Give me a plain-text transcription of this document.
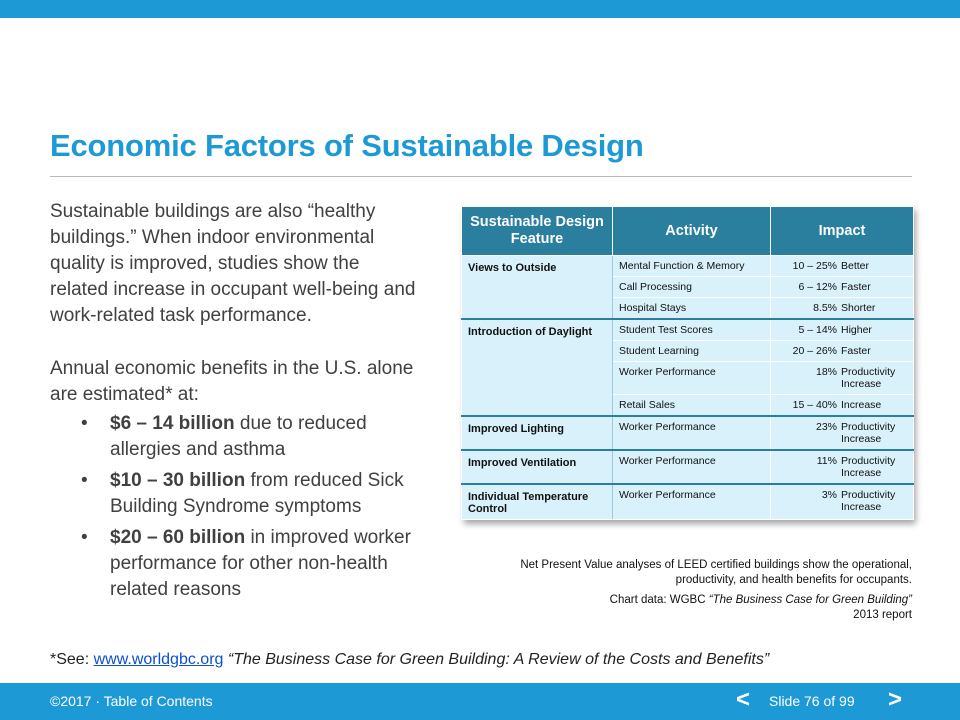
Economic Factors of Sustainable Design

Sustainable buildings are also “healthy buildings.” When indoor environmental quality is improved, studies show the related increase in occupant well-being and work-related task performance.

Annual economic benefits in the U.S. alone are estimated* at:

• $6 – 14 billion due to reduced allergies and asthma
• $10 – 30 billion from reduced Sick Building Syndrome symptoms
• $20 – 60 billion in improved worker performance for other non-health related reasons
Sustainable Design Feature	Activity	Impact
Views to Outside	Mental Function & Memory	10 – 25% Better

	Call Processing	6 – 12% Faster

	Hospital Stays	8.5% Shorter

Introduction of Daylight	Student Test Scores	5 – 14% Higher

	Student Learning	20 – 26% Faster

	Worker Performance	18% Productivity Increase

	Retail Sales	15 – 40% Increase

Improved Lighting	Worker Performance	23% Productivity Increase

Improved Ventilation	Worker Performance	11% Productivity Increase

Individual Temperature Control	Worker Performance	3% Productivity Increase

Net Present Value analyses of LEED certified buildings show the operational, productivity, and health benefits for occupants.

Chart data: WGBC “The Business Case for Green Building”
2013 report

*See: www.worldgbc.org “The Business Case for Green Building: A Review of the Costs and Benefits”
©2017 · Table of Contents	< Slide 76 of 99 >
